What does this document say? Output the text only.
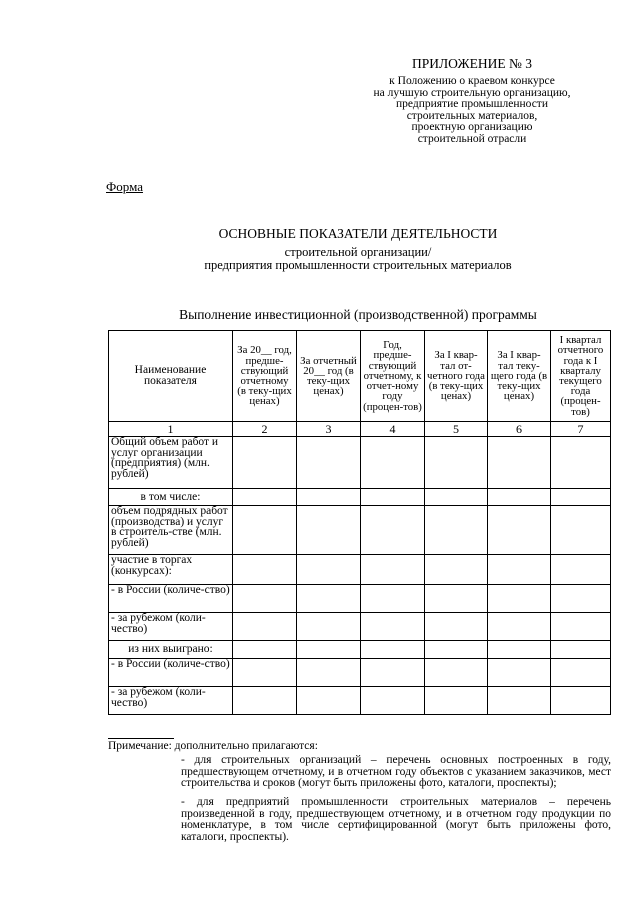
ПРИЛОЖЕНИЕ № 3
к Положению о краевом конкурсе
на лучшую строительную организацию,
предприятие промышленности
строительных материалов,
проектную организацию
строительной отрасли
Форма
ОСНОВНЫЕ ПОКАЗАТЕЛИ ДЕЯТЕЛЬНОСТИ
строительной организации/
предприятия промышленности строительных материалов
Выполнение инвестиционной (производственной) программы
Наименование показателя	За 20__ год, предше-ствующий отчетному (в теку-щих ценах)	За отчетный 20__ год (в теку-щих ценах)	Год, предше-ствующий отчетному, к отчет-ному году (процен-тов)	За I квар-тал от-четного года (в теку-щих ценах)	За I квар-тал теку-щего года (в теку-щих ценах)	I квартал отчетного года к I кварталу текущего года (процен-тов)
1	2	3	4	5	6	7
Общий объем работ и услуг организации (предприятия) (млн. рублей)						
в том числе:						
объем подрядных работ (производства) и услуг в строитель-стве (млн. рублей)						
участие в торгах (конкурсах):						
- в России (количе-ство)						
- за рубежом (коли-чество)						
из них выиграно:						
- в России (количе-ство)						
- за рубежом (коли-чество)						
Примечание: дополнительно прилагаются:
- для строительных организаций – перечень основных построенных в году, предшествующем отчетному, и в отчетном году объектов с указанием заказчиков, мест строительства и сроков (могут быть приложены фото, каталоги, проспекты);
- для предприятий промышленности строительных материалов – перечень произведенной в году, предшествующем отчетному, и в отчетном году продукции по номенклатуре, в том числе сертифицированной (могут быть приложены фото, каталоги, проспекты).
